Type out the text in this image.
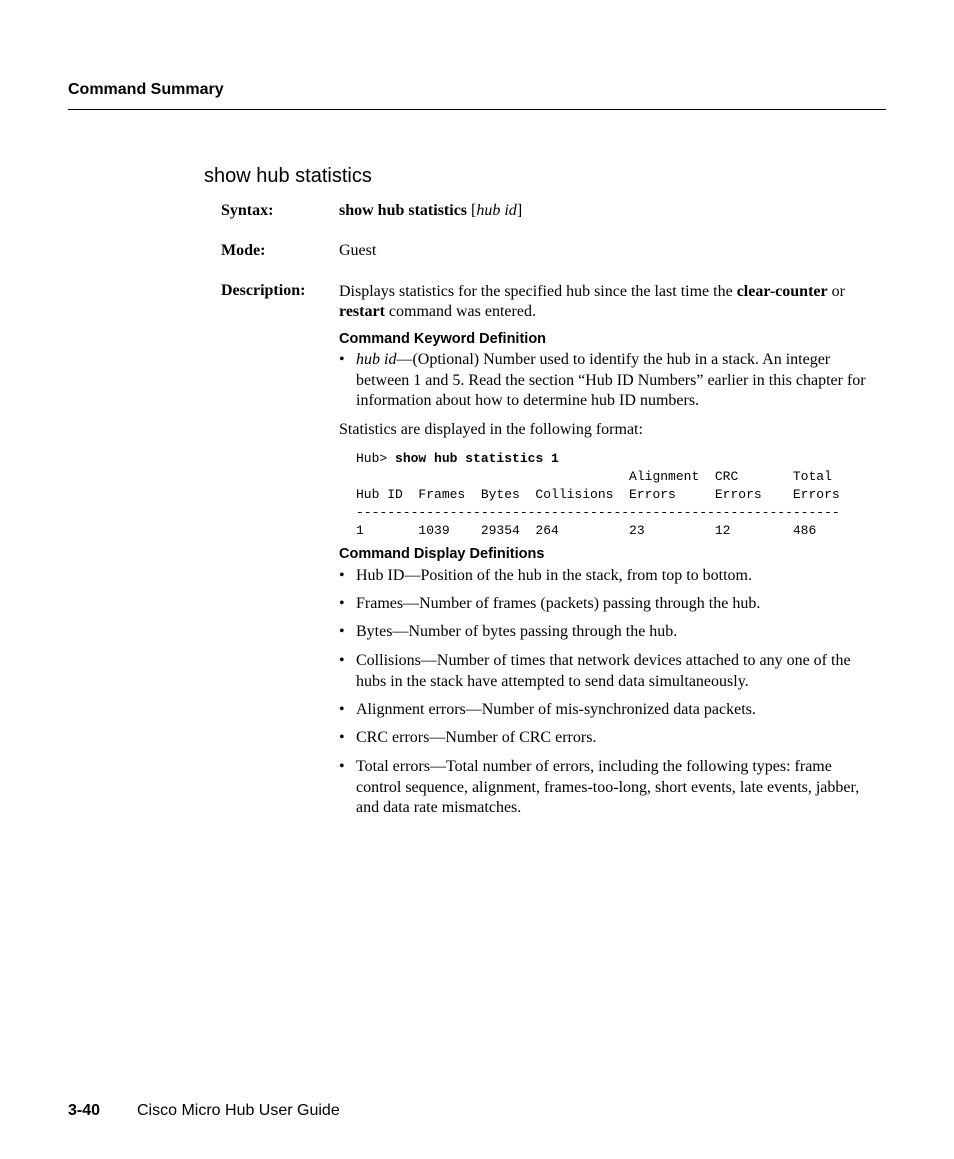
Command Summary
show hub statistics
Syntax:	show hub statistics [hub id]
Mode:	Guest
Description: Displays statistics for the specified hub since the last time the clear-counter or restart command was entered.
Command Keyword Definition
• hub id—(Optional) Number used to identify the hub in a stack. An integer between 1 and 5. Read the section “Hub ID Numbers” earlier in this chapter for information about how to determine hub ID numbers.
Statistics are displayed in the following format:
Hub> show hub statistics 1
Alignment  CRC       Total
Hub ID  Frames  Bytes  Collisions  Errors     Errors    Errors
--------------------------------------------------------------
1       1039    29354  264         23         12        486
Command Display Definitions
• Hub ID—Position of the hub in the stack, from top to bottom.
• Frames—Number of frames (packets) passing through the hub.
• Bytes—Number of bytes passing through the hub.
• Collisions—Number of times that network devices attached to any one of the hubs in the stack have attempted to send data simultaneously.
• Alignment errors—Number of mis-synchronized data packets.
• CRC errors—Number of CRC errors.
• Total errors—Total number of errors, including the following types: frame control sequence, alignment, frames-too-long, short events, late events, jabber, and data rate mismatches.
3-40 Cisco Micro Hub User Guide
